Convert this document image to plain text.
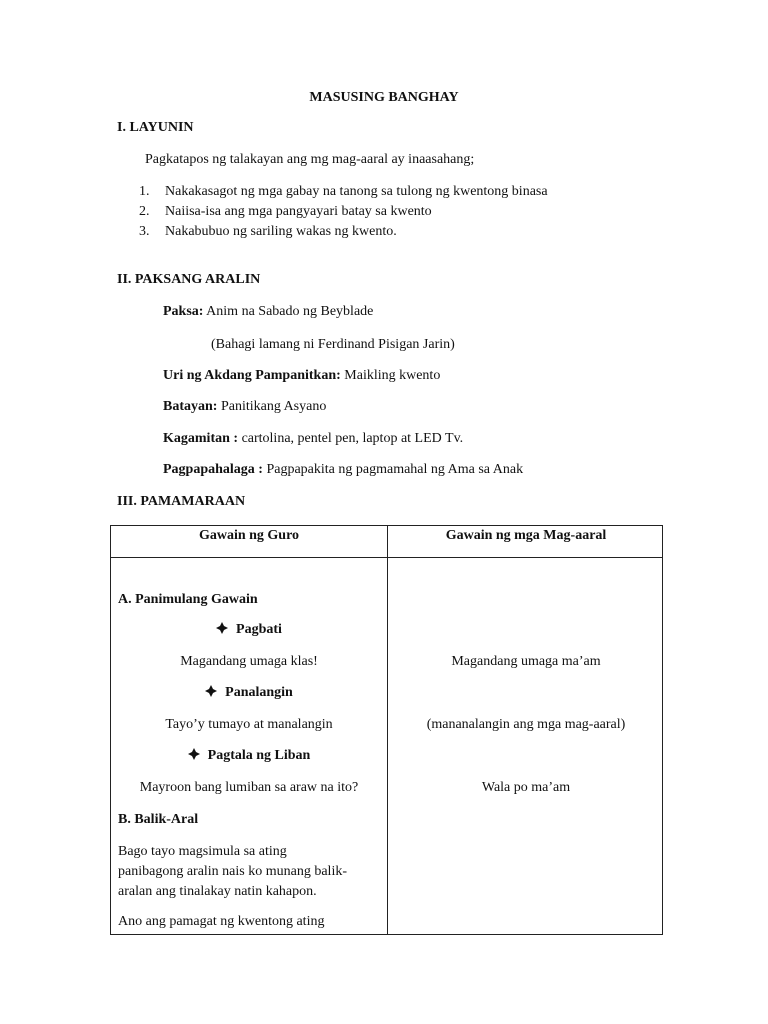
MASUSING BANGHAY
I. LAYUNIN
Pagkatapos ng talakayan ang mg mag-aaral ay inaasahang;
1.	Nakakasagot ng mga gabay na tanong sa tulong ng kwentong binasa
2.	Naiisa-isa ang mga pangyayari batay sa kwento
3.	Nakabubuo ng sariling wakas ng kwento.
II. PAKSANG ARALIN
Paksa: Anim na Sabado ng Beyblade
(Bahagi lamang ni Ferdinand Pisigan Jarin)
Uri ng Akdang Pampanitkan: Maikling kwento
Batayan: Panitikang Asyano
Kagamitan : cartolina, pentel pen, laptop at LED Tv.
Pagpapahalaga : Pagpapakita ng pagmamahal ng Ama sa Anak
III. PAMAMARAAN
Gawain ng Guro	Gawain ng mga Mag-aaral
A. Panimulang Gawain
Pagbati
Magandang umaga klas!	Magandang umaga ma’am
Panalangin
Tayo’y tumayo at manalangin	(mananalangin ang mga mag-aaral)
Pagtala ng Liban
Mayroon bang lumiban sa araw na ito?	Wala po ma’am
B. Balik-Aral
Bago tayo magsimula sa ating
panibagong aralin nais ko munang balik-
aralan ang tinalakay natin kahapon.
Ano ang pamagat ng kwentong ating
